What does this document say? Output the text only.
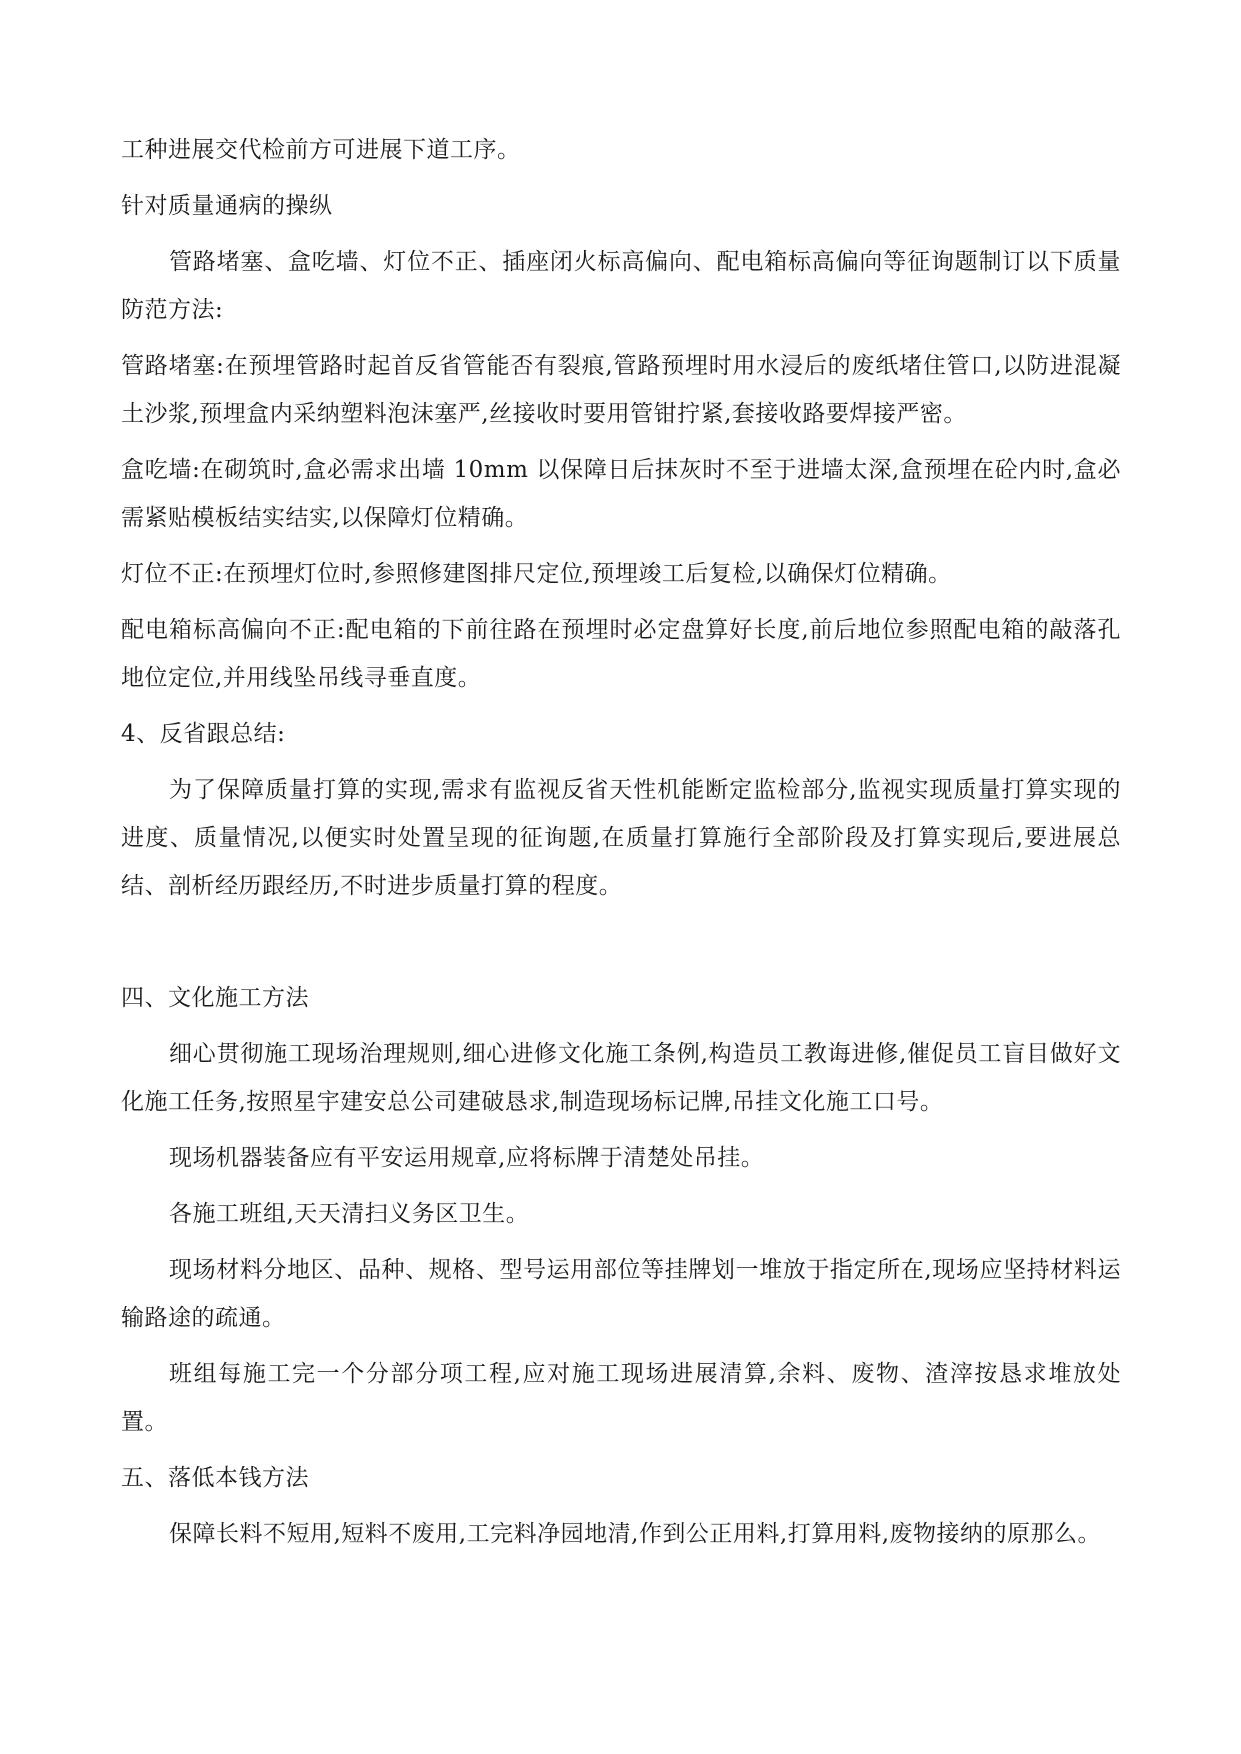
工种进展交代检前方可进展下道工序。

针对质量通病的操纵

管路堵塞、盒吃墙、灯位不正、插座闭火标高偏向、配电箱标高偏向等征询题制订以下质量防范方法:

管路堵塞:在预埋管路时起首反省管能否有裂痕,管路预埋时用水浸后的废纸堵住管口,以防进混凝土沙浆,预埋盒内采纳塑料泡沫塞严,丝接收时要用管钳拧紧,套接收路要焊接严密。

盒吃墙:在砌筑时,盒必需求出墙 10mm 以保障日后抹灰时不至于进墙太深,盒预埋在砼内时,盒必需紧贴模板结实结实,以保障灯位精确。

灯位不正:在预埋灯位时,参照修建图排尺定位,预埋竣工后复检,以确保灯位精确。

配电箱标高偏向不正:配电箱的下前往路在预埋时必定盘算好长度,前后地位参照配电箱的敲落孔地位定位,并用线坠吊线寻垂直度。

4、反省跟总结:

为了保障质量打算的实现,需求有监视反省天性机能断定监检部分,监视实现质量打算实现的进度、质量情况,以便实时处置呈现的征询题,在质量打算施行全部阶段及打算实现后,要进展总结、剖析经历跟经历,不时进步质量打算的程度。

四、文化施工方法

细心贯彻施工现场治理规则,细心进修文化施工条例,构造员工教诲进修,催促员工盲目做好文化施工任务,按照星宇建安总公司建破恳求,制造现场标记牌,吊挂文化施工口号。

现场机器装备应有平安运用规章,应将标牌于清楚处吊挂。

各施工班组,天天清扫义务区卫生。

现场材料分地区、品种、规格、型号运用部位等挂牌划一堆放于指定所在,现场应坚持材料运输路途的疏通。

班组每施工完一个分部分项工程,应对施工现场进展清算,余料、废物、渣滓按恳求堆放处置。

五、落低本钱方法

保障长料不短用,短料不废用,工完料净园地清,作到公正用料,打算用料,废物接纳的原那么。
